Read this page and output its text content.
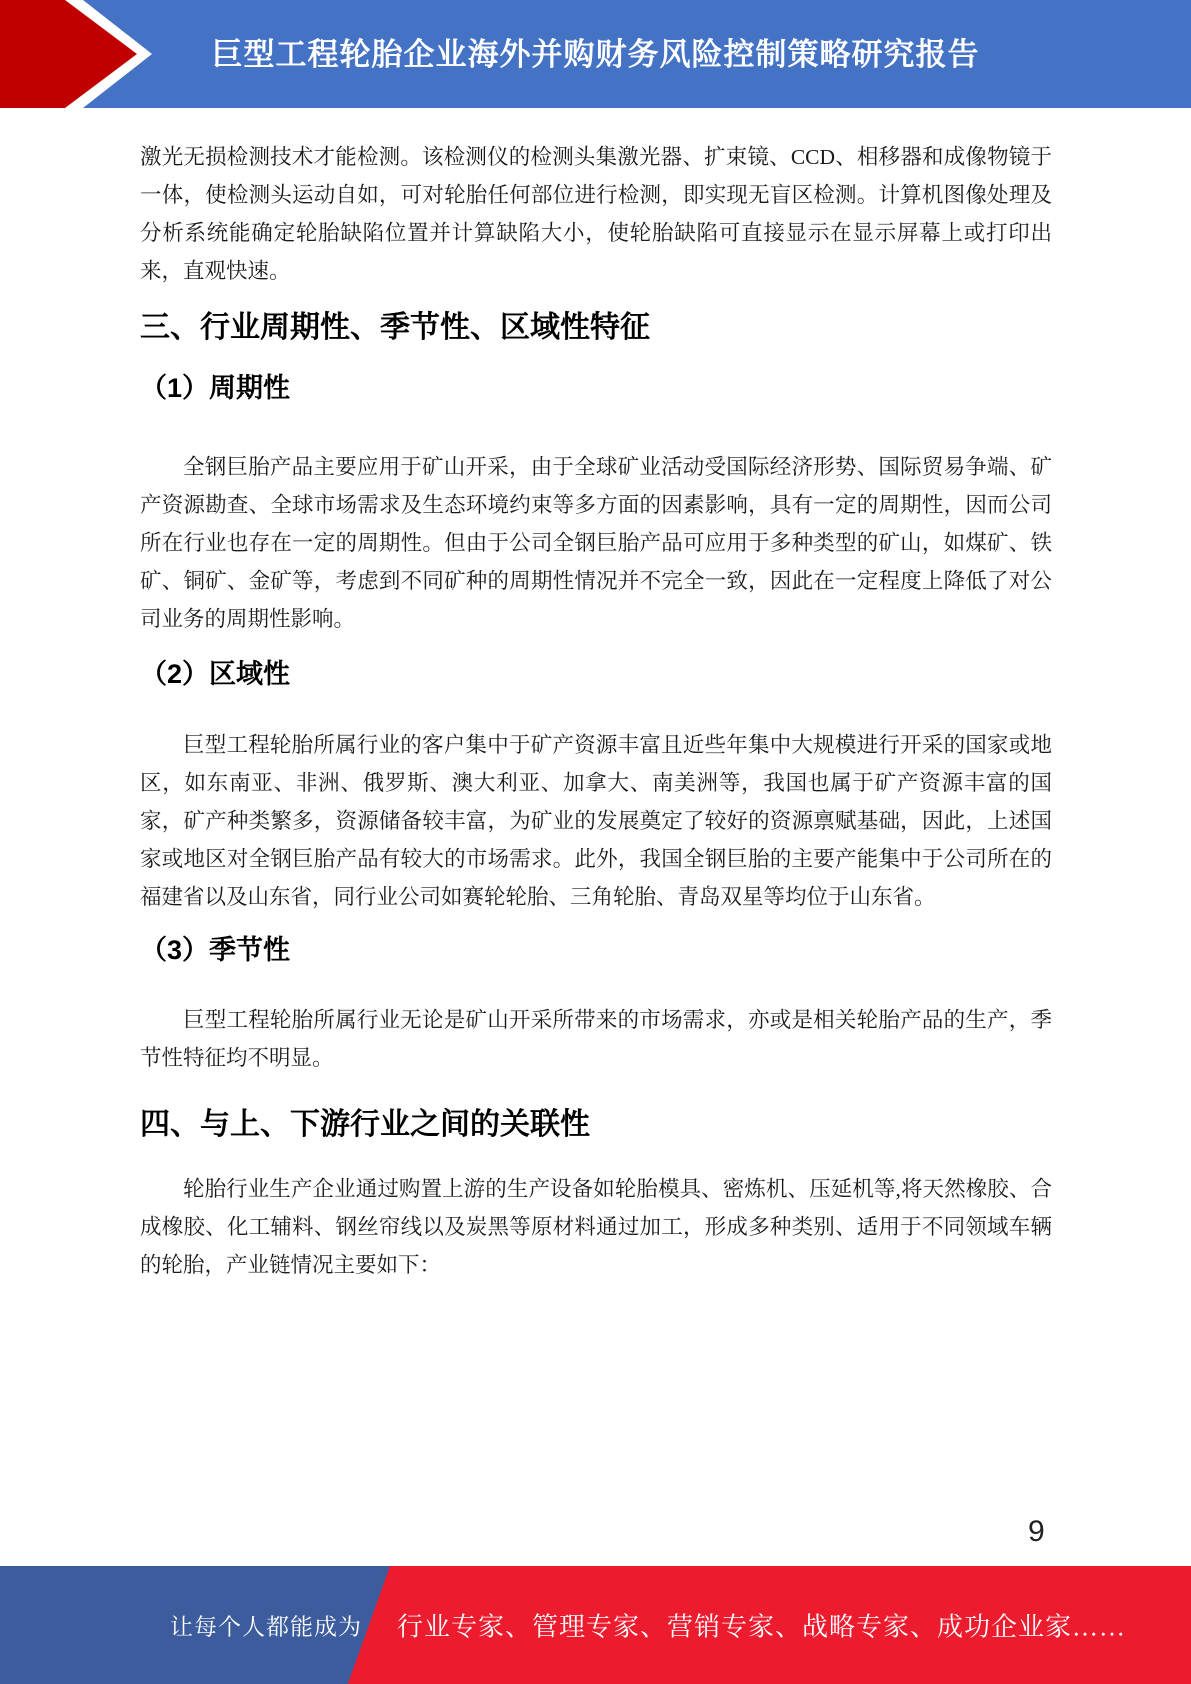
巨型工程轮胎企业海外并购财务风险控制策略研究报告

激光无损检测技术才能检测。该检测仪的检测头集激光器、扩束镜、CCD、相移器和成像物镜于一体，使检测头运动自如，可对轮胎任何部位进行检测，即实现无盲区检测。计算机图像处理及分析系统能确定轮胎缺陷位置并计算缺陷大小，使轮胎缺陷可直接显示在显示屏幕上或打印出来，直观快速。

三、行业周期性、季节性、区域性特征
（1）周期性

全钢巨胎产品主要应用于矿山开采，由于全球矿业活动受国际经济形势、国际贸易争端、矿产资源勘查、全球市场需求及生态环境约束等多方面的因素影响，具有一定的周期性，因而公司所在行业也存在一定的周期性。但由于公司全钢巨胎产品可应用于多种类型的矿山，如煤矿、铁矿、铜矿、金矿等，考虑到不同矿种的周期性情况并不完全一致，因此在一定程度上降低了对公司业务的周期性影响。

（2）区域性

巨型工程轮胎所属行业的客户集中于矿产资源丰富且近些年集中大规模进行开采的国家或地区，如东南亚、非洲、俄罗斯、澳大利亚、加拿大、南美洲等，我国也属于矿产资源丰富的国家，矿产种类繁多，资源储备较丰富，为矿业的发展奠定了较好的资源禀赋基础，因此，上述国家或地区对全钢巨胎产品有较大的市场需求。此外，我国全钢巨胎的主要产能集中于公司所在的福建省以及山东省，同行业公司如赛轮轮胎、三角轮胎、青岛双星等均位于山东省。

（3）季节性

巨型工程轮胎所属行业无论是矿山开采所带来的市场需求，亦或是相关轮胎产品的生产，季节性特征均不明显。

四、与上、下游行业之间的关联性

轮胎行业生产企业通过购置上游的生产设备如轮胎模具、密炼机、压延机等,将天然橡胶、合成橡胶、化工辅料、钢丝帘线以及炭黑等原材料通过加工，形成多种类别、适用于不同领域车辆的轮胎，产业链情况主要如下：

9
让每个人都能成为 行业专家、管理专家、营销专家、战略专家、成功企业家……
